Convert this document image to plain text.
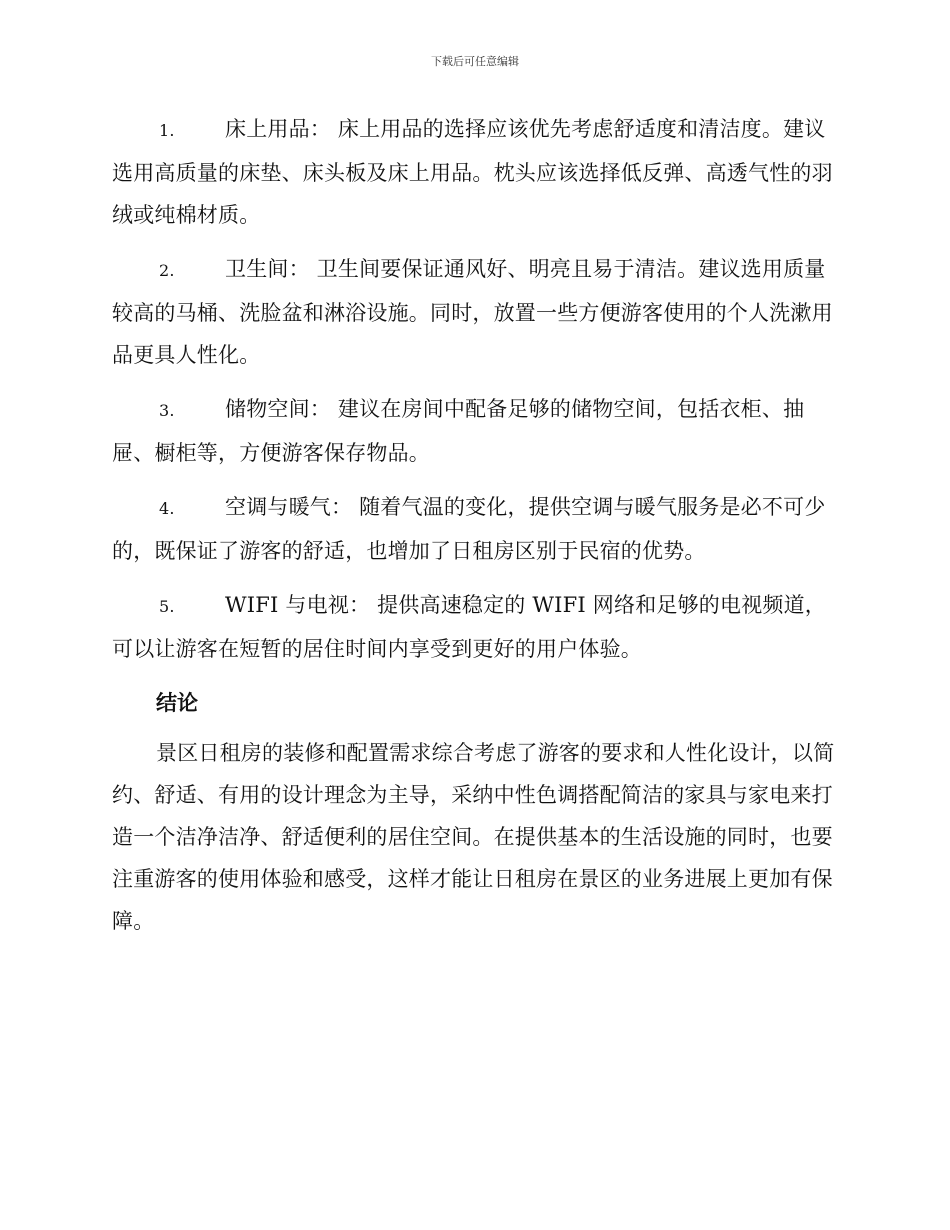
下载后可任意编辑

1. 床上用品： 床上用品的选择应该优先考虑舒适度和清洁度。建议选用高质量的床垫、床头板及床上用品。枕头应该选择低反弹、高透气性的羽绒或纯棉材质。

2. 卫生间： 卫生间要保证通风好、明亮且易于清洁。建议选用质量较高的马桶、洗脸盆和淋浴设施。同时，放置一些方便游客使用的个人洗漱用品更具人性化。

3. 储物空间： 建议在房间中配备足够的储物空间，包括衣柜、抽屉、橱柜等，方便游客保存物品。

4. 空调与暖气： 随着气温的变化，提供空调与暖气服务是必不可少的，既保证了游客的舒适，也增加了日租房区别于民宿的优势。

5. WIFI 与电视： 提供高速稳定的 WIFI 网络和足够的电视频道，可以让游客在短暂的居住时间内享受到更好的用户体验。

结论

景区日租房的装修和配置需求综合考虑了游客的要求和人性化设计，以简约、舒适、有用的设计理念为主导，采纳中性色调搭配简洁的家具与家电来打造一个洁净洁净、舒适便利的居住空间。在提供基本的生活设施的同时，也要注重游客的使用体验和感受，这样才能让日租房在景区的业务进展上更加有保障。
